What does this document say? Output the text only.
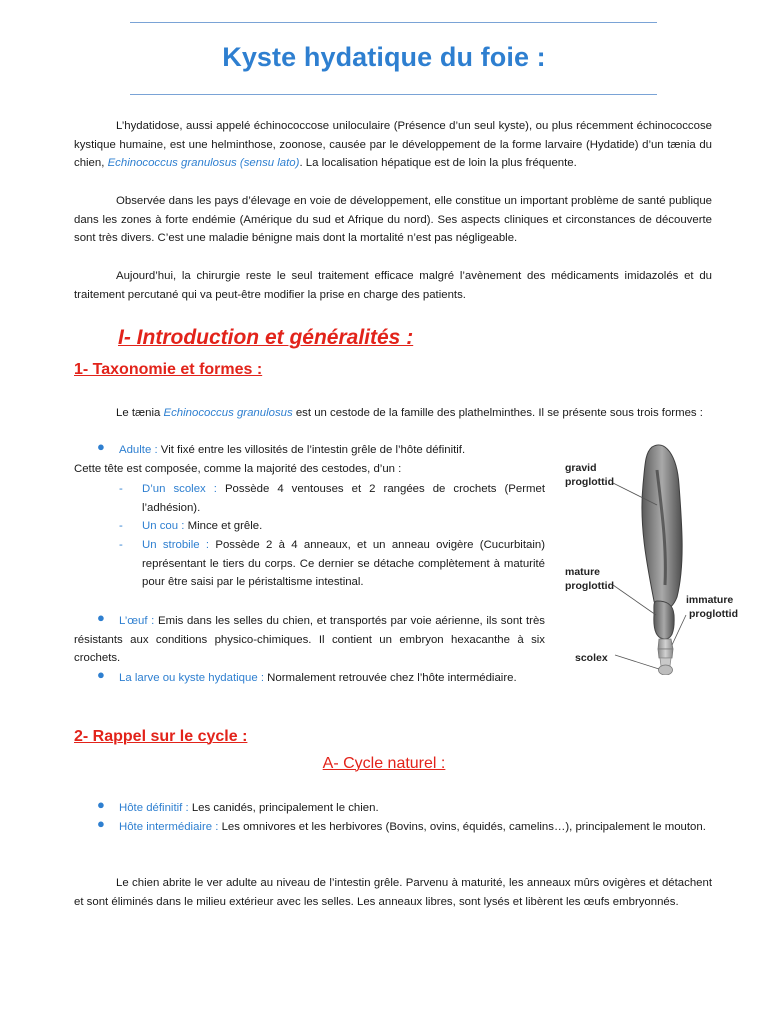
Kyste hydatique du foie :

L’hydatidose, aussi appelé échinococcose uniloculaire (Présence d’un seul kyste), ou plus récemment échinococcose kystique humaine, est une helminthose, zoonose, causée par le développement de la forme larvaire (Hydatide) d’un tænia du chien, Echinococcus granulosus (sensu lato). La localisation hépatique est de loin la plus fréquente.

Observée dans les pays d’élevage en voie de développement, elle constitue un important problème de santé publique dans les zones à forte endémie (Amérique du sud et Afrique du nord). Ses aspects cliniques et circonstances de découverte sont très divers. C’est une maladie bénigne mais dont la mortalité n’est pas négligeable.

Aujourd’hui, la chirurgie reste le seul traitement efficace malgré l’avènement des médicaments imidazolés et du traitement percutané qui va peut-être modifier la prise en charge des patients.

I- Introduction et généralités :
1- Taxonomie et formes :

Le tænia Echinococcus granulosus est un cestode de la famille des plathelminthes. Il se présente sous trois formes :

● Adulte : Vit fixé entre les villosités de l’intestin grêle de l’hôte définitif.

Cette tête est composée, comme la majorité des cestodes, d’un :

- D’un scolex : Possède 4 ventouses et 2 rangées de crochets (Permet l’adhésion).

- Un cou : Mince et grêle.

- Un strobile : Possède 2 à 4 anneaux, et un anneau ovigère (Cucurbitain) représentant le tiers du corps. Ce dernier se détache complètement à maturité pour être saisi par le péristaltisme intestinal.

●	L’œuf : Emis dans les selles du chien, et transportés par voie aérienne, ils sont très résistants aux conditions physico-chimiques. Il contient un embryon hexacanthe à six crochets.

●	La larve ou kyste hydatique : Normalement retrouvée chez l’hôte intermédiaire.

gravid
proglottid
mature
proglottid
immature
proglottid
scolex
2- Rappel sur le cycle :
A- Cycle naturel :
● Hôte définitif : Les canidés, principalement le chien.

●	Hôte intermédiaire : Les omnivores et les herbivores (Bovins, ovins, équidés, camelins…), principalement le mouton.

Le chien abrite le ver adulte au niveau de l’intestin grêle. Parvenu à maturité, les anneaux mûrs ovigères et détachent et sont éliminés dans le milieu extérieur avec les selles. Les anneaux libres, sont lysés et libèrent les œufs embryonnés.
